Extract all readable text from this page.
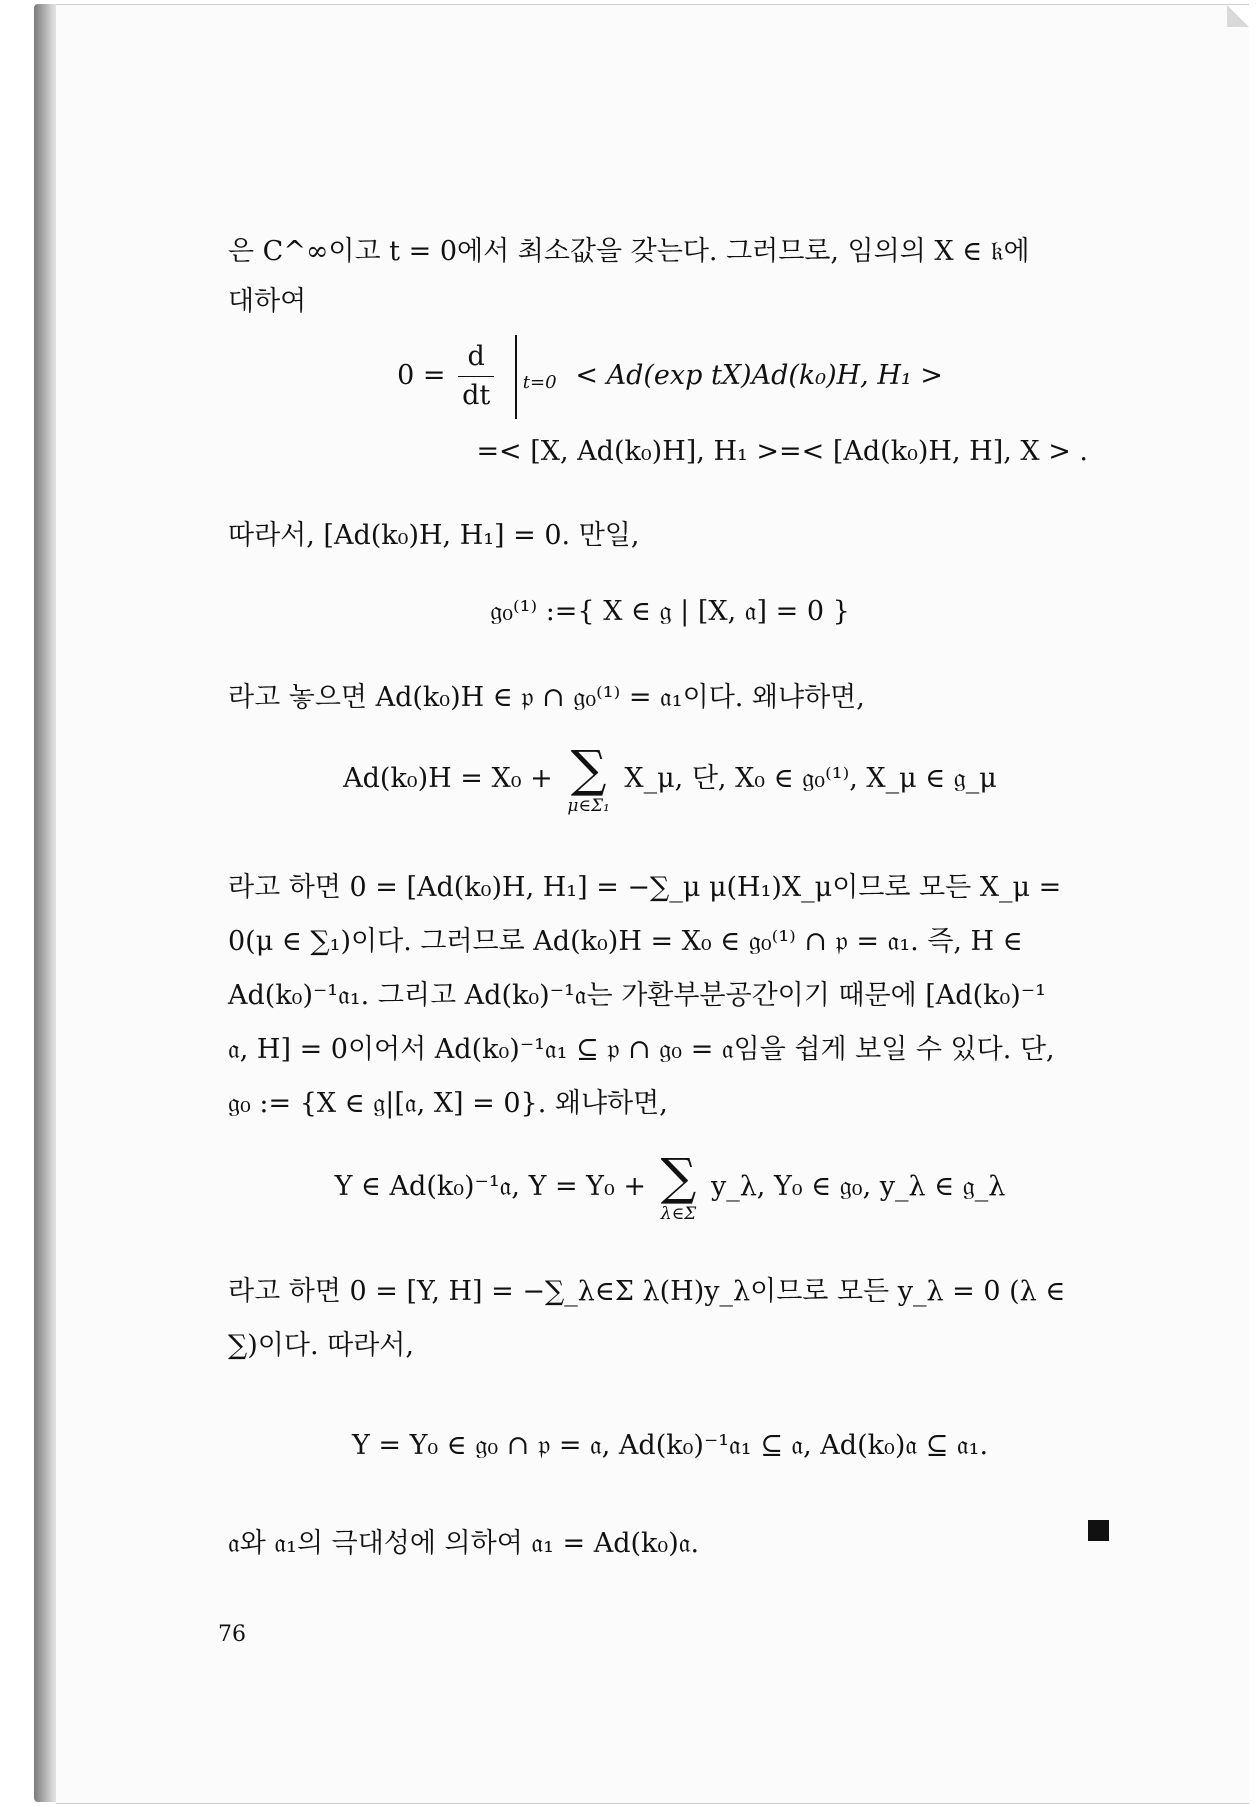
은 C^∞이고 t = 0에서 최소값을 갖는다. 그러므로, 임의의 X ∈ 𝔨에
대하여
$0 = \frac{d}{dt}$
t=0 < Ad(exp tX)Ad(k₀)H, H₁ >
=< [X, Ad(k₀)H], H₁ >=< [Ad(k₀)H, H], X > .
따라서, [Ad(k₀)H, H₁] = 0. 만일,
𝔤₀⁽¹⁾ :={ X ∈ 𝔤 | [X, 𝔞] = 0 }
라고 놓으면 Ad(k₀)H ∈ 𝔭 ∩ 𝔤₀⁽¹⁾ = 𝔞₁이다. 왜냐하면,
Ad(k₀)H = X₀ + ∑
μ∈Σ₁
X_μ, 단, X₀ ∈ 𝔤₀⁽¹⁾, X_μ ∈ 𝔤_μ
라고 하면 0 = [Ad(k₀)H, H₁] = −∑_μ μ(H₁)X_μ이므로 모든 X_μ =
0(μ ∈ ∑₁)이다. 그러므로 Ad(k₀)H = X₀ ∈ 𝔤₀⁽¹⁾ ∩ 𝔭 = 𝔞₁. 즉, H ∈
Ad(k₀)⁻¹𝔞₁. 그리고 Ad(k₀)⁻¹𝔞는 가환부분공간이기 때문에 [Ad(k₀)⁻¹
𝔞, H] = 0이어서 Ad(k₀)⁻¹𝔞₁ ⊆ 𝔭 ∩ 𝔤₀ = 𝔞임을 쉽게 보일 수 있다. 단,
𝔤₀ := {X ∈ 𝔤|[𝔞, X] = 0}. 왜냐하면,
Y ∈ Ad(k₀)⁻¹𝔞, Y = Y₀ + ∑
λ∈Σ
y_λ, Y₀ ∈ 𝔤₀, y_λ ∈ 𝔤_λ
라고 하면 0 = [Y, H] = −∑_λ∈Σ λ(H)y_λ이므로 모든 y_λ = 0 (λ ∈
∑)이다. 따라서,
Y = Y₀ ∈ 𝔤₀ ∩ 𝔭 = 𝔞, Ad(k₀)⁻¹𝔞₁ ⊆ 𝔞, Ad(k₀)𝔞 ⊆ 𝔞₁.
𝔞와 𝔞₁의 극대성에 의하여 𝔞₁ = Ad(k₀)𝔞.
76
